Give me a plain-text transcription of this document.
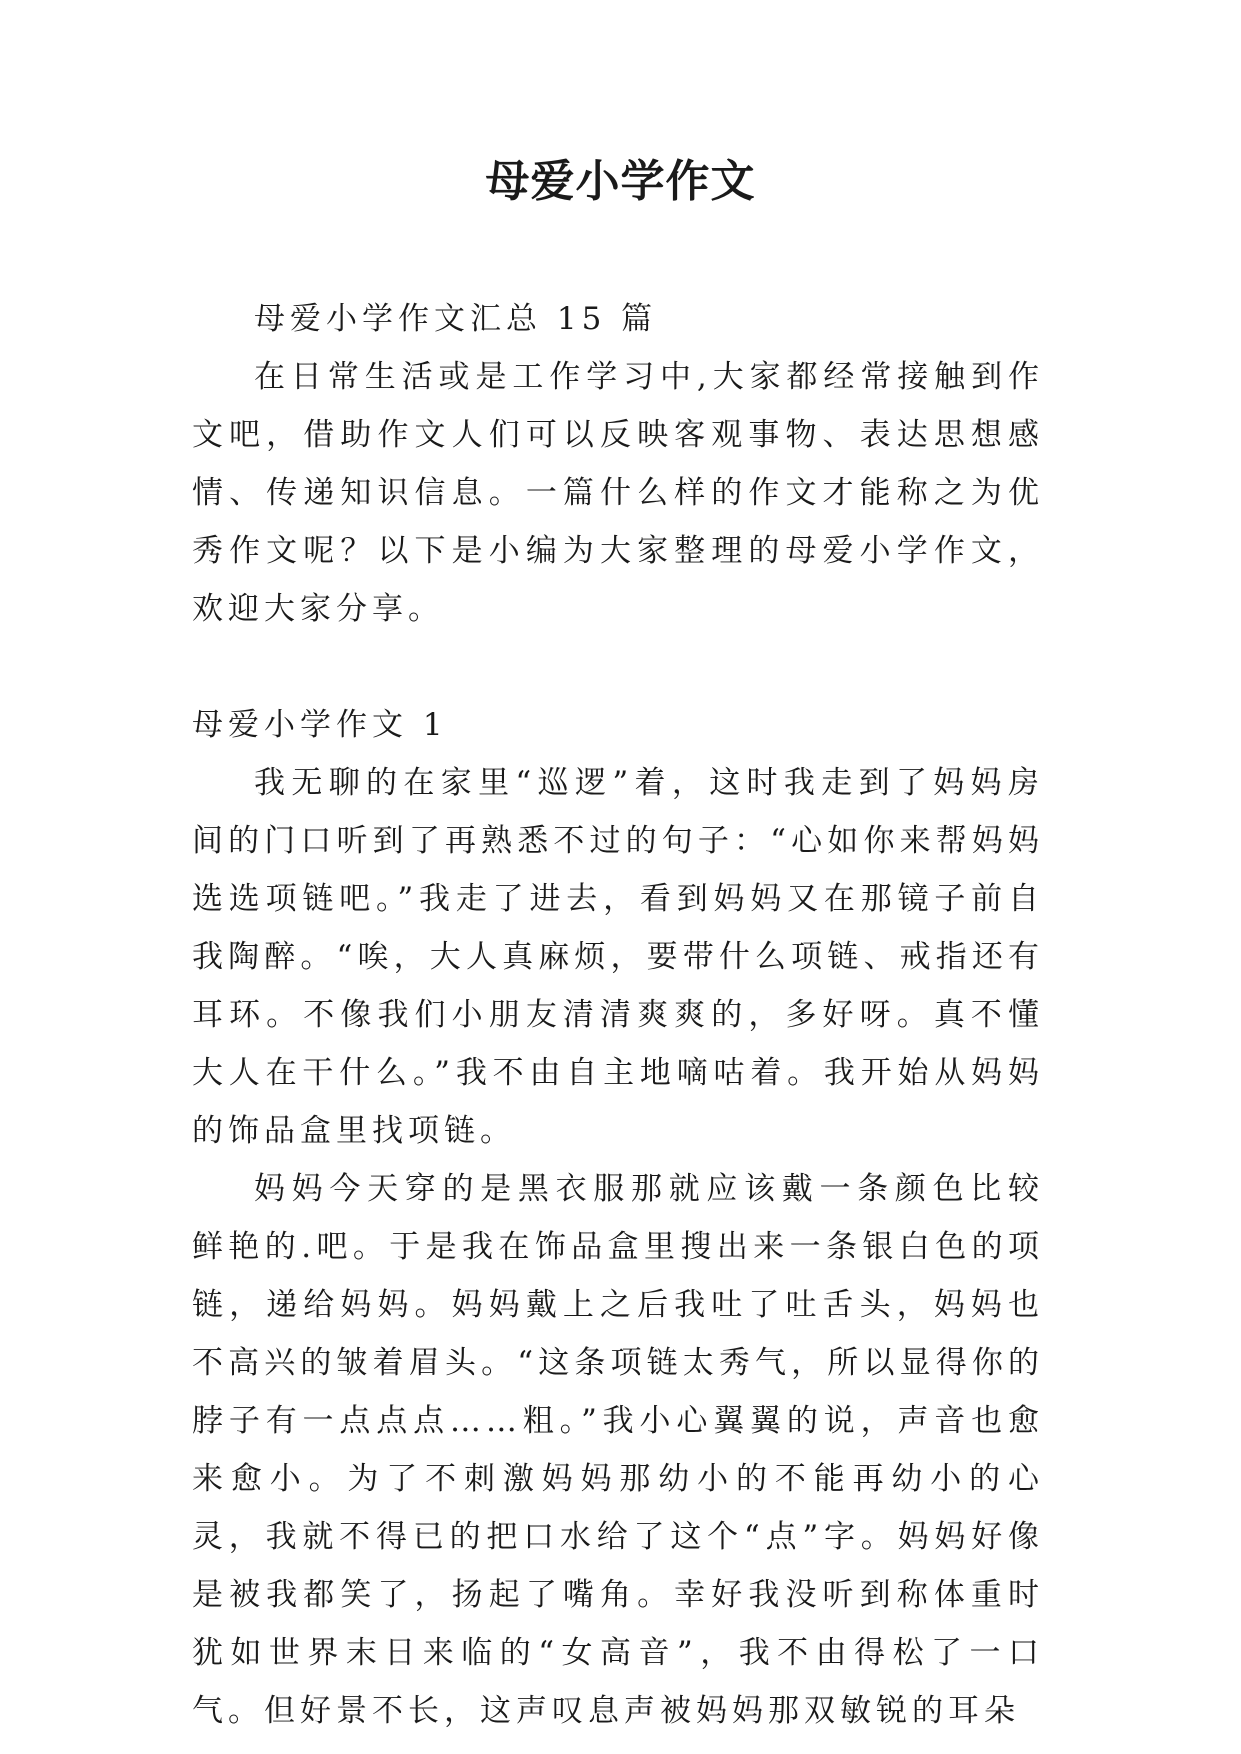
母爱小学作文

母爱小学作文汇总 15 篇

在日常生活或是工作学习中,大家都经常接触到作文吧，借助作文人们可以反映客观事物、表达思想感情、传递知识信息。一篇什么样的作文才能称之为优秀作文呢？以下是小编为大家整理的母爱小学作文，欢迎大家分享。

母爱小学作文 1

我无聊的在家里“巡逻”着，这时我走到了妈妈房间的门口听到了再熟悉不过的句子：“心如你来帮妈妈选选项链吧。”我走了进去，看到妈妈又在那镜子前自我陶醉。“唉，大人真麻烦，要带什么项链、戒指还有耳环。不像我们小朋友清清爽爽的，多好呀。真不懂大人在干什么。”我不由自主地嘀咕着。我开始从妈妈的饰品盒里找项链。

妈妈今天穿的是黑衣服那就应该戴一条颜色比较鲜艳的.吧。于是我在饰品盒里搜出来一条银白色的项链，递给妈妈。妈妈戴上之后我吐了吐舌头，妈妈也不高兴的皱着眉头。“这条项链太秀气，所以显得你的脖子有一点点点……粗。”我小心翼翼的说，声音也愈来愈小。为了不刺激妈妈那幼小的不能再幼小的心灵，我就不得已的把口水给了这个“点”字。妈妈好像是被我都笑了，扬起了嘴角。幸好我没听到称体重时犹如世界末日来临的“女高音”，我不由得松了一口气。但好景不长，这声叹息声被妈妈那双敏锐的耳朵
